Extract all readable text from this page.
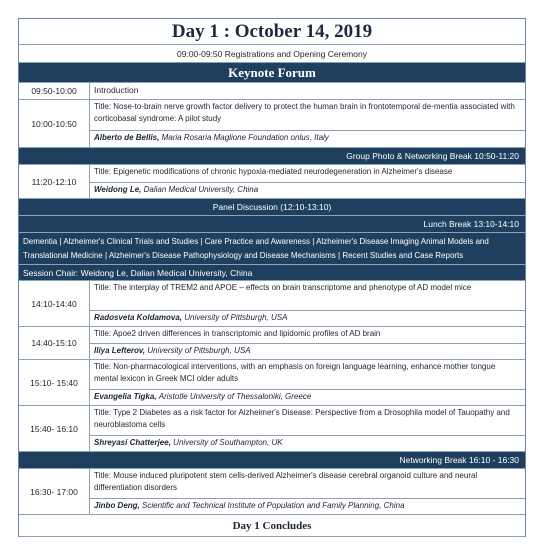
Day 1 : October 14, 2019
09:00-09:50 Registrations and Opening Ceremony
Keynote Forum
09:50-10:00	Introduction
10:00-10:50
Title: Nose-to-brain nerve growth factor delivery to protect the human brain in frontotemporal de-mentia associated with corticobasal syndrome: A pilot study
Alberto de Bellis, Maria Rosaria Maglione Foundation onlus, Italy
Group Photo & Networking Break 10:50-11:20
11:20-12:10
Title: Epigenetic modifications of chronic hypoxia-mediated neurodegeneration in Alzheimer's disease
Weidong Le, Dalian Medical University, China
Panel Discussion (12:10-13:10)
Lunch Break 13:10-14:10
Dementia | Alzheimer's Clinical Trials and Studies | Care Practice and Awareness | Alzheimer's Disease Imaging Animal Models and Translational Medicine | Alzheimer's Disease Pathophysiology and Disease Mechanisms | Recent Studies and Case Reports
Session Chair: Weidong Le, Dalian Medical University, China
14:10-14:40
Title: The interplay of TREM2 and APOE – effects on brain transcriptome and phenotype of AD model mice
Radosveta Koldamova, University of Pittsburgh, USA
14:40-15:10
Title: Apoe2 driven differences in transcriptomic and lipidomic profiles of AD brain
Iliya Lefterov, University of Pittsburgh, USA
15:10- 15:40
Title: Non-pharmacological interventions, with an emphasis on foreign language learning, enhance mother tongue mental lexicon in Greek MCI older adults
Evangelia Tigka, Aristotle University of Thessaloniki, Greece
15:40- 16:10
Title: Type 2 Diabetes as a risk factor for Alzheimer's Disease: Perspective from a Drosophila model of Tauopathy and neuroblastoma cells
Shreyasi Chatterjee, University of Southampton, UK
Networking Break 16:10 - 16:30
16:30- 17:00
Title: Mouse induced pluripotent stem cells-derived Alzheimer's disease cerebral organoid culture and neural differentiation disorders
Jinbo Deng, Scientific and Technical Institute of Population and Family Planning, China
Day 1 Concludes
